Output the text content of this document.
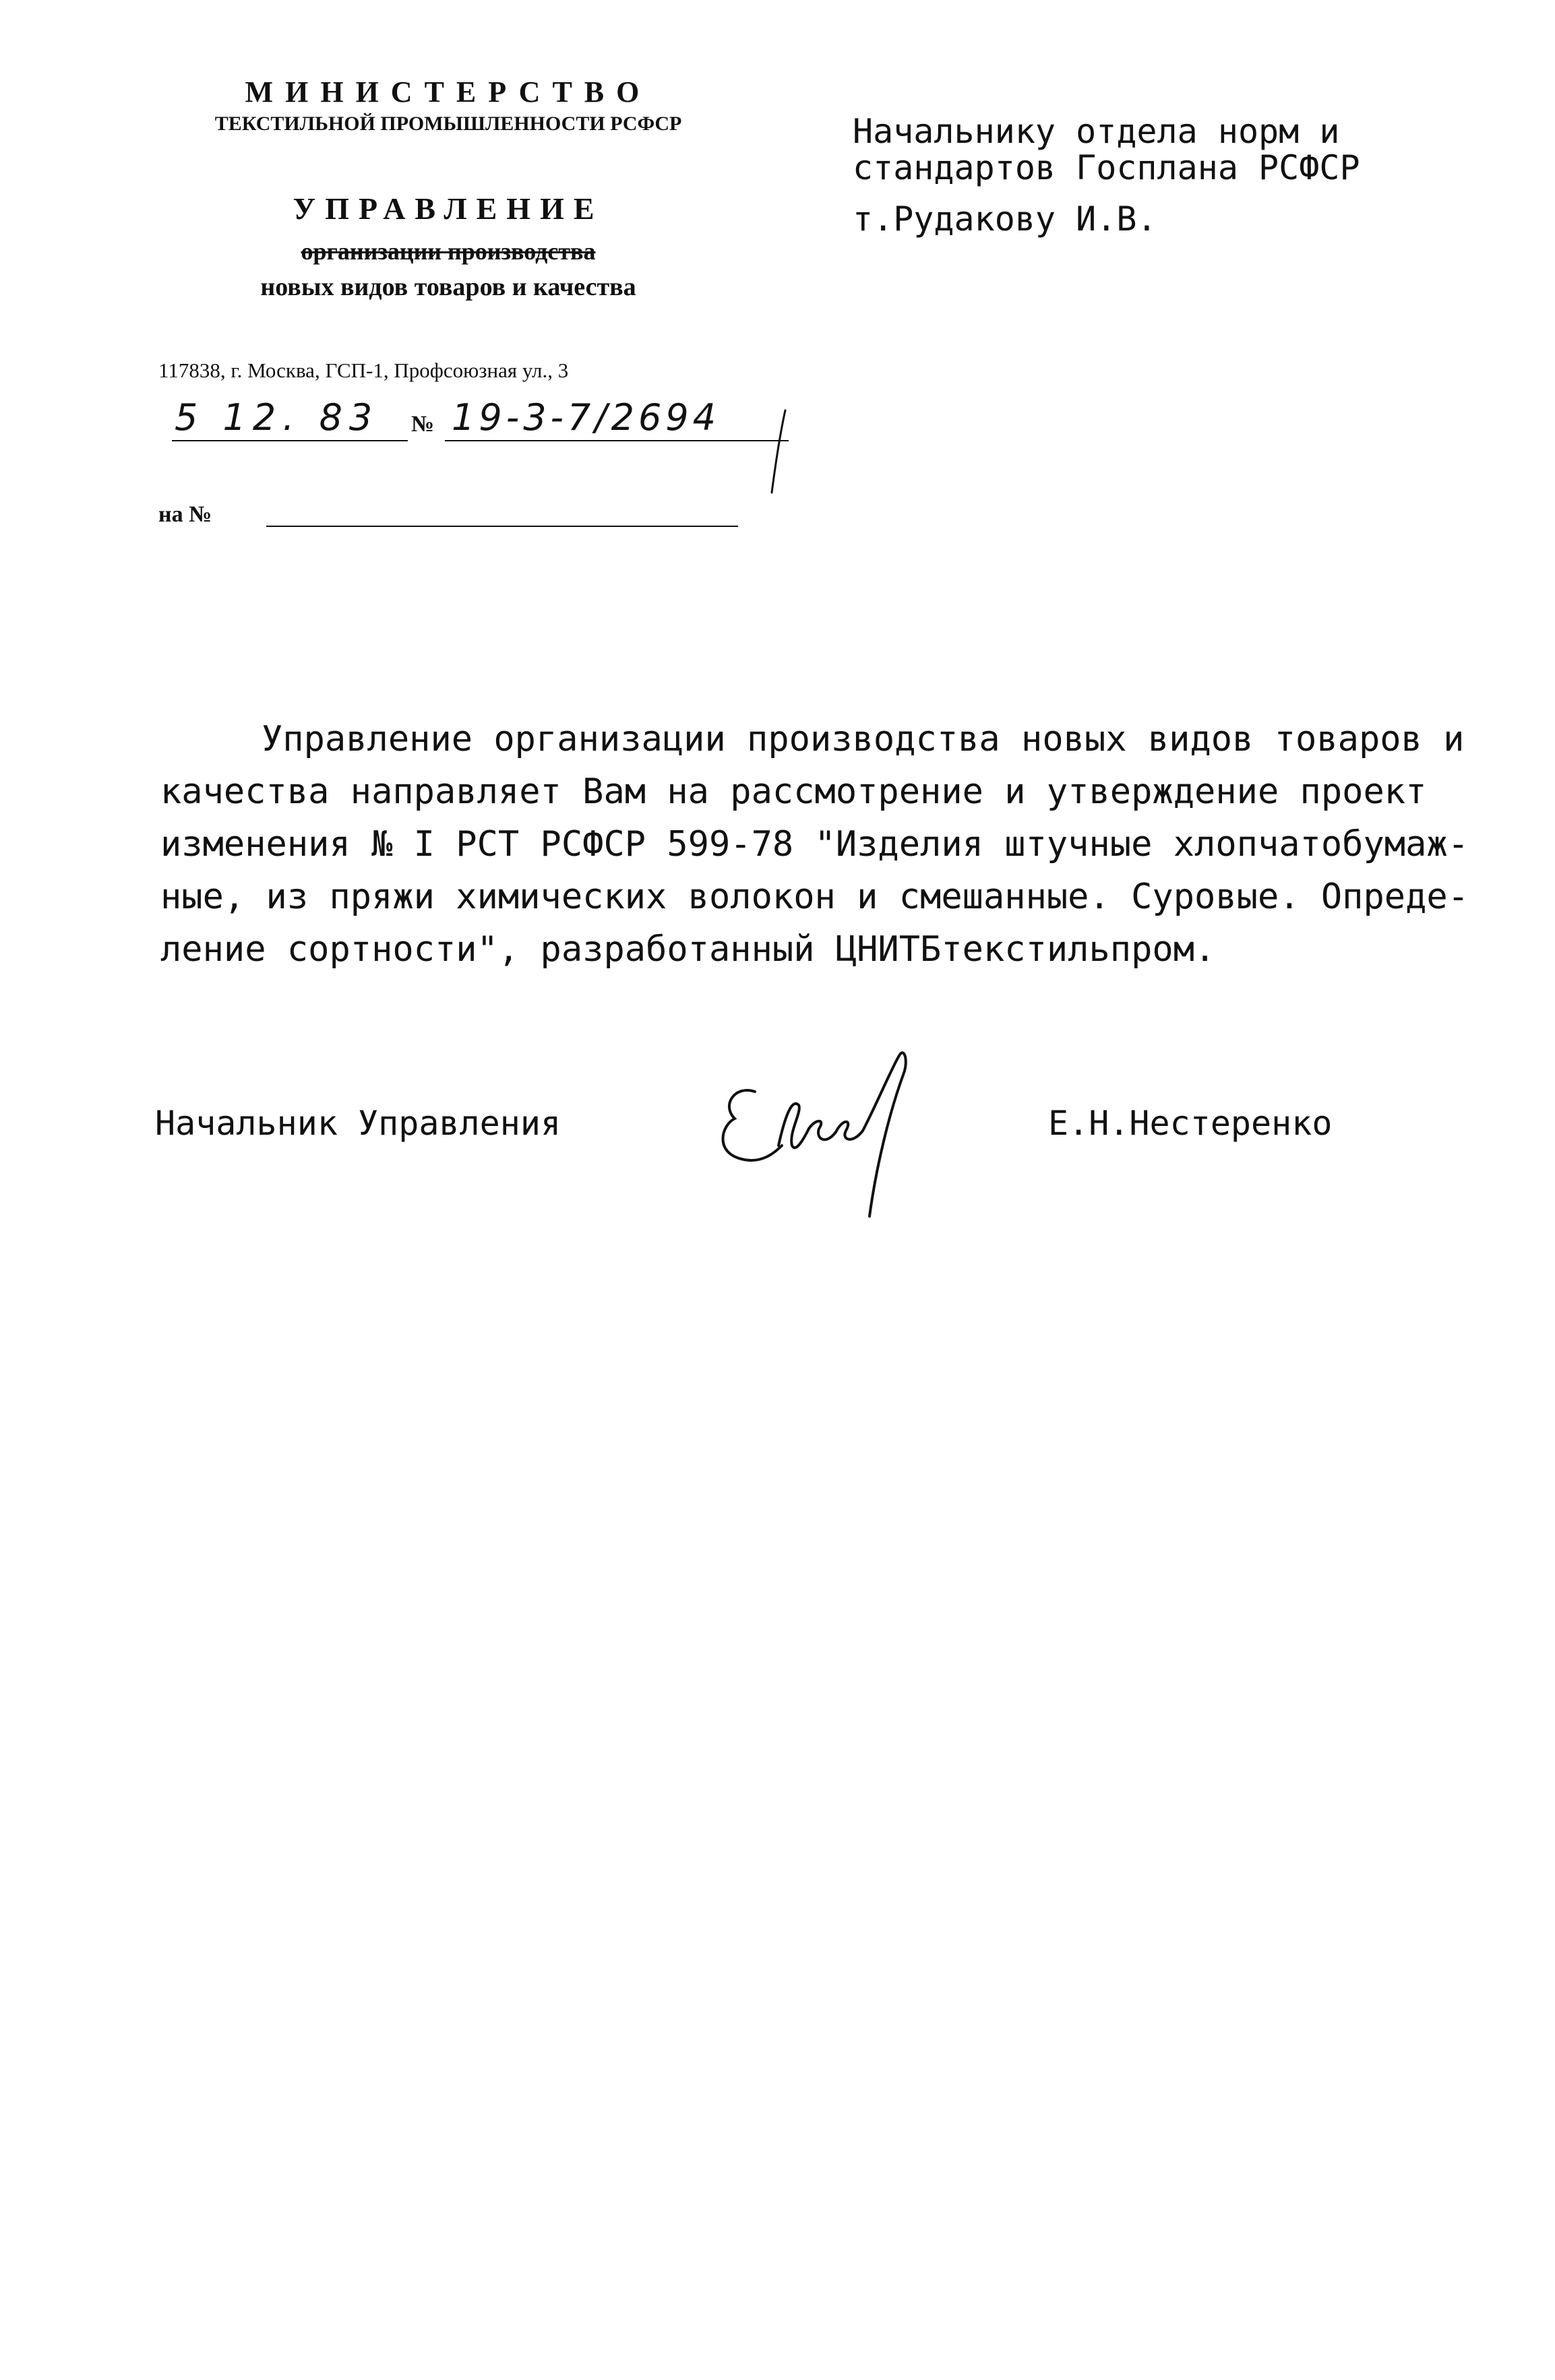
МИНИСТЕРСТВО

ТЕКСТИЛЬНОЙ ПРОМЫШЛЕННОСТИ РСФСР

УПРАВЛЕНИЕ

организации производства

новых видов товаров и качества

117838, г. Москва, ГСП-1, Профсоюзная ул., 3
5 12. 83	№ 19-3-7/2694
на №
Начальнику отдела норм и
стандартов Госплана РСФСР
т.Рудакову И.В.
Управление организации производства новых видов товаров и
качества направляет Вам на рассмотрение и утверждение проект
изменения № I РСТ РСФСР 599-78 "Изделия штучные хлопчатобумаж-
ные, из пряжи химических волокон и смешанные. Суровые. Опреде-
ление сортности", разработанный ЦНИТБтекстильпром.
Начальник Управления	Е.Н.Нестеренко
